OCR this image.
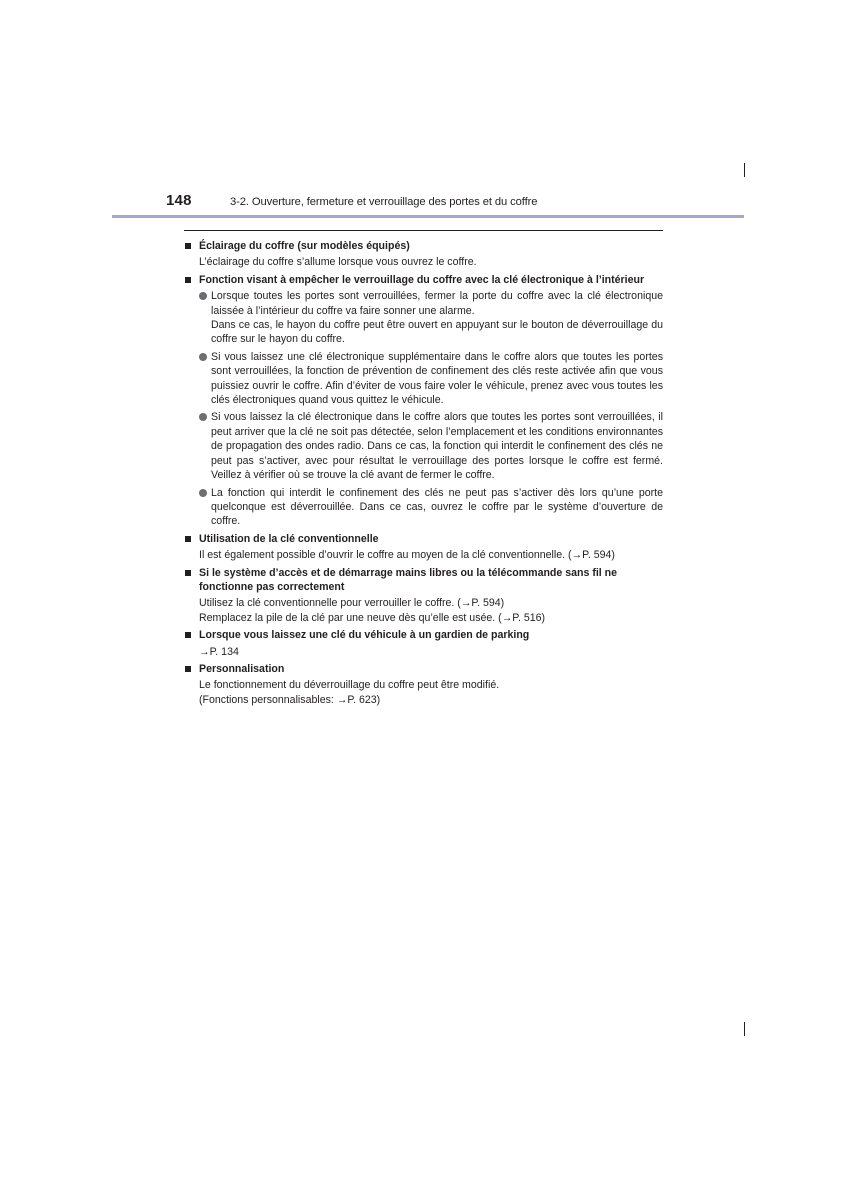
148	3-2. Ouverture, fermeture et verrouillage des portes et du coffre
Éclairage du coffre (sur modèles équipés)
L’éclairage du coffre s’allume lorsque vous ouvrez le coffre.
Fonction visant à empêcher le verrouillage du coffre avec la clé électronique à l’intérieur
Lorsque toutes les portes sont verrouillées, fermer la porte du coffre avec la clé électronique laissée à l’intérieur du coffre va faire sonner une alarme.
Dans ce cas, le hayon du coffre peut être ouvert en appuyant sur le bouton de déverrouillage du coffre sur le hayon du coffre.
Si vous laissez une clé électronique supplémentaire dans le coffre alors que toutes les portes sont verrouillées, la fonction de prévention de confinement des clés reste activée afin que vous puissiez ouvrir le coffre. Afin d’éviter de vous faire voler le véhicule, prenez avec vous toutes les clés électroniques quand vous quittez le véhicule.
Si vous laissez la clé électronique dans le coffre alors que toutes les portes sont verrouillées, il peut arriver que la clé ne soit pas détectée, selon l’emplacement et les conditions environnantes de propagation des ondes radio. Dans ce cas, la fonction qui interdit le confinement des clés ne peut pas s’activer, avec pour résultat le verrouillage des portes lorsque le coffre est fermé. Veillez à vérifier où se trouve la clé avant de fermer le coffre.
La fonction qui interdit le confinement des clés ne peut pas s’activer dès lors qu’une porte quelconque est déverrouillée. Dans ce cas, ouvrez le coffre par le système d’ouverture de coffre.
Utilisation de la clé conventionnelle
Il est également possible d’ouvrir le coffre au moyen de la clé conventionnelle. (→P. 594)
Si le système d’accès et de démarrage mains libres ou la télécommande sans fil ne fonctionne pas correctement
Utilisez la clé conventionnelle pour verrouiller le coffre. (→P. 594)
Remplacez la pile de la clé par une neuve dès qu’elle est usée. (→P. 516)
Lorsque vous laissez une clé du véhicule à un gardien de parking
→P. 134
Personnalisation
Le fonctionnement du déverrouillage du coffre peut être modifié.
(Fonctions personnalisables: →P. 623)
